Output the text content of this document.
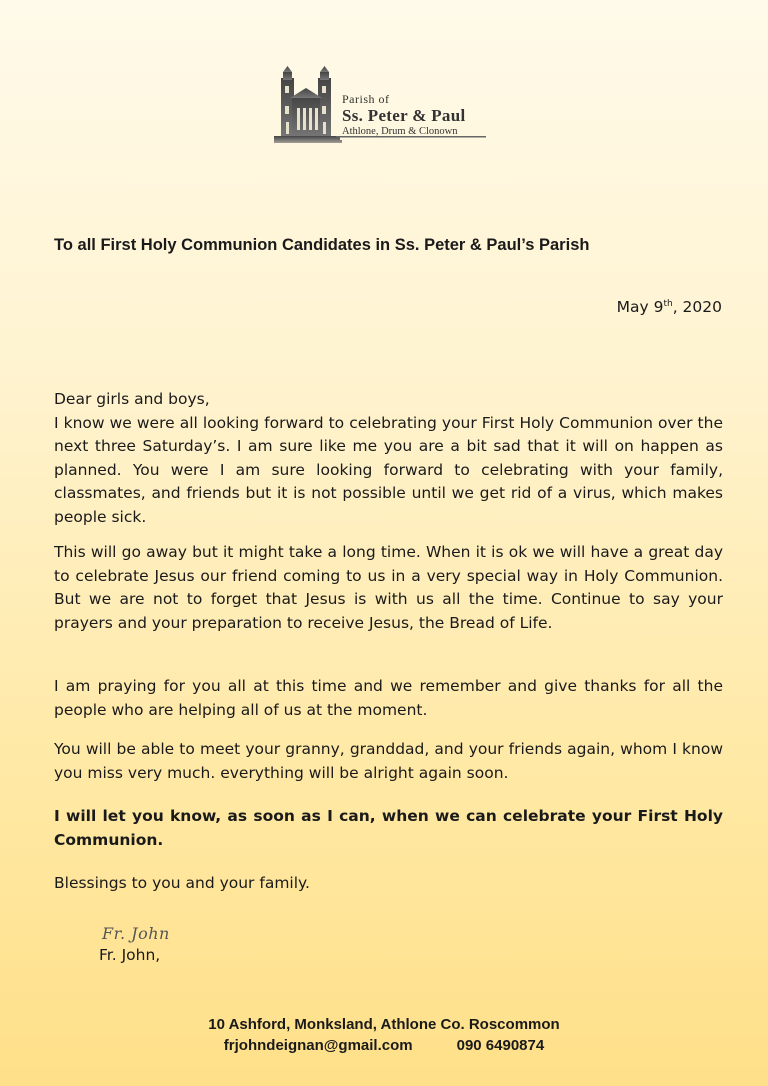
Parish of
Ss. Peter & Paul
Athlone, Drum & Clonown
To all First Holy Communion Candidates in Ss. Peter & Paul’s Parish
May 9th, 2020

Dear girls and boys,

I know we were all looking forward to celebrating your First Holy Communion over the next three Saturday’s. I am sure like me you are a bit sad that it will on happen as planned. You were I am sure looking forward to celebrating with your family, classmates, and friends but it is not possible until we get rid of a virus, which makes people sick.

This will go away but it might take a long time. When it is ok we will have a great day to celebrate Jesus our friend coming to us in a very special way in Holy Communion. But we are not to forget that Jesus is with us all the time. Continue to say your prayers and your preparation to receive Jesus, the Bread of Life.

I am praying for you all at this time and we remember and give thanks for all the people who are helping all of us at the moment.

You will be able to meet your granny, granddad, and your friends again, whom I know you miss very much. everything will be alright again soon.

I will let you know, as soon as I can, when we can celebrate your First Holy Communion.

Blessings to you and your family.

Fr. John
Fr. John,
10 Ashford, Monksland, Athlone Co. Roscommon
frjohndeignan@gmail.com	090 6490874
